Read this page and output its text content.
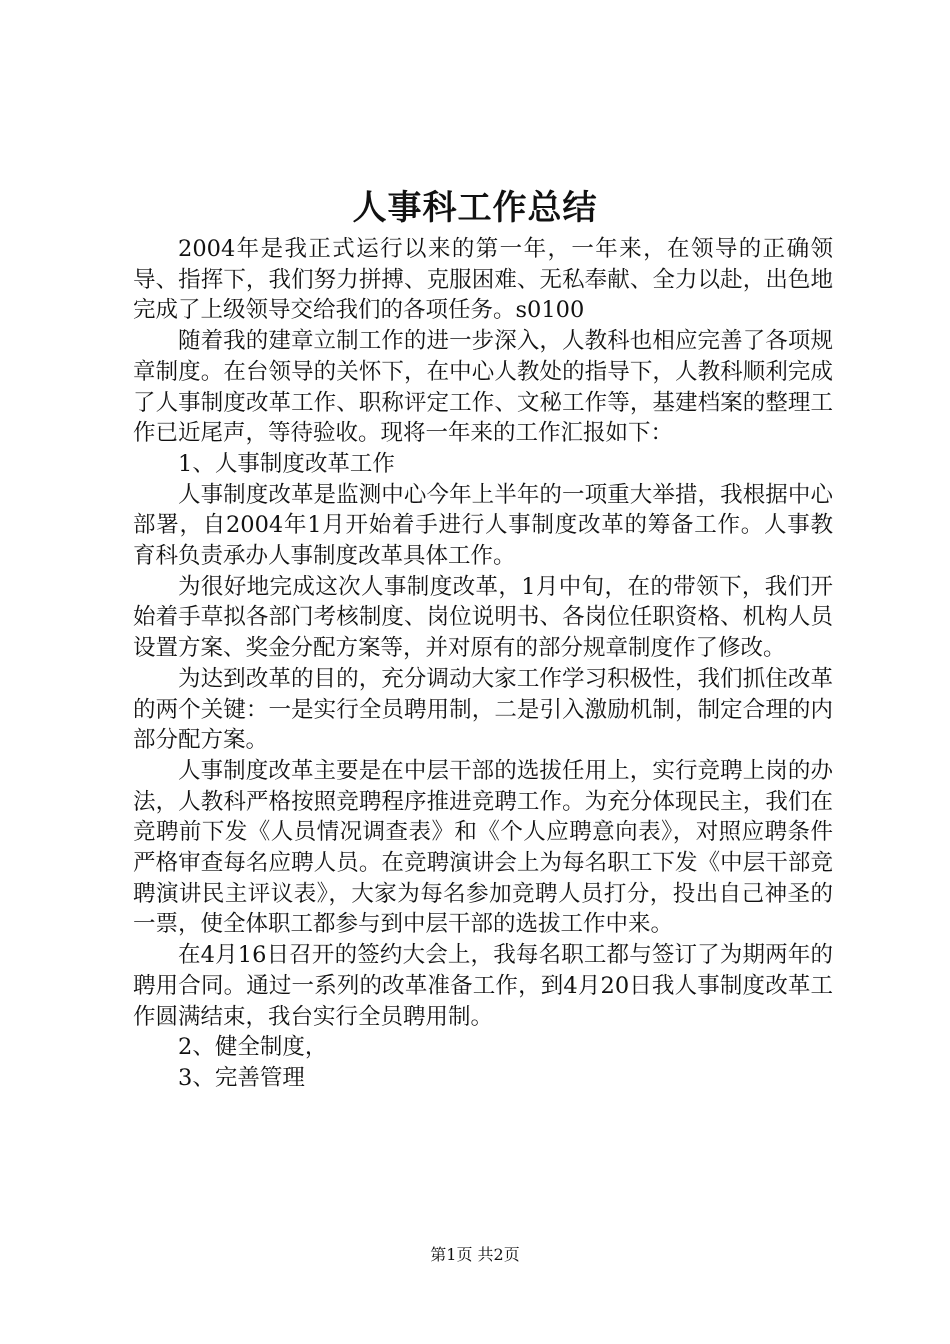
人事科工作总结

2004年是我正式运行以来的第一年，一年来，在领导的正确领导、指挥下，我们努力拼搏、克服困难、无私奉献、全力以赴，出色地完成了上级领导交给我们的各项任务。s0100

随着我的建章立制工作的进一步深入，人教科也相应完善了各项规章制度。在台领导的关怀下，在中心人教处的指导下，人教科顺利完成了人事制度改革工作、职称评定工作、文秘工作等，基建档案的整理工作已近尾声，等待验收。现将一年来的工作汇报如下：

1、人事制度改革工作

人事制度改革是监测中心今年上半年的一项重大举措，我根据中心部署，自2004年1月开始着手进行人事制度改革的筹备工作。人事教育科负责承办人事制度改革具体工作。

为很好地完成这次人事制度改革，1月中旬，在的带领下，我们开始着手草拟各部门考核制度、岗位说明书、各岗位任职资格、机构人员设置方案、奖金分配方案等，并对原有的部分规章制度作了修改。

为达到改革的目的，充分调动大家工作学习积极性，我们抓住改革的两个关键：一是实行全员聘用制，二是引入激励机制，制定合理的内部分配方案。

人事制度改革主要是在中层干部的选拔任用上，实行竞聘上岗的办法，人教科严格按照竞聘程序推进竞聘工作。为充分体现民主，我们在竞聘前下发《人员情况调查表》和《个人应聘意向表》，对照应聘条件严格审查每名应聘人员。在竞聘演讲会上为每名职工下发《中层干部竞聘演讲民主评议表》，大家为每名参加竞聘人员打分，投出自己神圣的一票，使全体职工都参与到中层干部的选拔工作中来。

在4月16日召开的签约大会上，我每名职工都与签订了为期两年的聘用合同。通过一系列的改革准备工作，到4月20日我人事制度改革工作圆满结束，我台实行全员聘用制。

2、健全制度，

3、完善管理

第1页 共2页
